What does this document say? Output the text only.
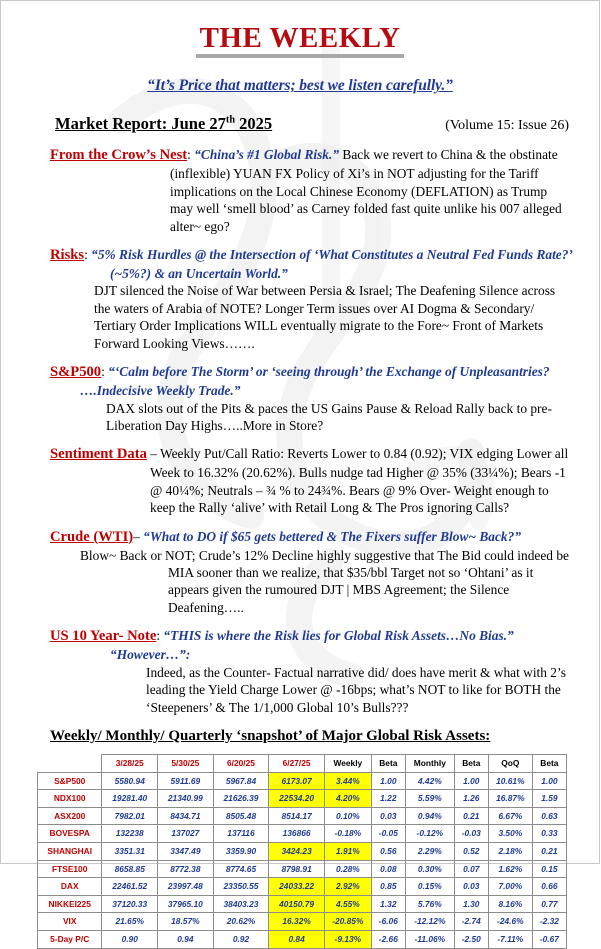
THE WEEKLY
“It’s Price that matters; best we listen carefully.”
Market Report: June 27th 2025	(Volume 15: Issue 26)
From the Crow’s Nest: “China’s #1 Global Risk.” Back we revert to China & the obstinate (inflexible) YUAN FX Policy of Xi’s in NOT adjusting for the Tariff implications on the Local Chinese Economy (DEFLATION) as Trump may well ‘smell blood’ as Carney folded fast quite unlike his 007 alleged alter~ ego?
Risks: “5% Risk Hurdles @ the Intersection of ‘What Constitutes a Neutral Fed Funds Rate?’
(~5%?) & an Uncertain World.”
DJT silenced the Noise of War between Persia & Israel; The Deafening Silence across the waters of Arabia of NOTE? Longer Term issues over AI Dogma & Secondary/ Tertiary Order Implications WILL eventually migrate to the Fore~ Front of Markets Forward Looking Views…….
S&P500: “‘Calm before The Storm’ or ‘seeing through’ the Exchange of Unpleasantries?
….Indecisive Weekly Trade.”
DAX slots out of the Pits & paces the US Gains Pause & Reload Rally back to pre- Liberation Day Highs…..More in Store?
Sentiment Data – Weekly Put/Call Ratio: Reverts Lower to 0.84 (0.92); VIX edging Lower all Week to 16.32% (20.62%). Bulls nudge tad Higher @ 35% (33¼%); Bears -1 @ 40¼%; Neutrals – ¾ % to 24¾%. Bears @ 9% Over- Weight enough to keep the Rally ‘alive’ with Retail Long & The Pros ignoring Calls?
Crude (WTI)– “What to DO if $65 gets bettered & The Fixers suffer Blow~ Back?”
Blow~ Back or NOT; Crude’s 12% Decline highly suggestive that The Bid could indeed be MIA sooner than we realize, that $35/bbl Target not so ‘Ohtani’ as it appears given the rumoured DJT | MBS Agreement; the Silence Deafening…..
US 10 Year- Note: “THIS is where the Risk lies for Global Risk Assets…No Bias.”
“However…”:
Indeed, as the Counter- Factual narrative did/ does have merit & what with 2’s leading the Yield Charge Lower @ -16bps; what’s NOT to like for BOTH the ‘Steepeners’ & The 1/1,000 Global 10’s Bulls???
Weekly/ Monthly/ Quarterly ‘snapshot’ of Major Global Risk Assets:
	3/28/25	5/30/25	6/20/25	6/27/25	Weekly	Beta	Monthly	Beta	QoQ	Beta
S&P500	5580.94	5911.69	5967.84	6173.07	3.44%	1.00	4.42%	1.00	10.61%	1.00
NDX100	19281.40	21340.99	21626.39	22534.20	4.20%	1.22	5.59%	1.26	16.87%	1.59
ASX200	7982.01	8434.71	8505.48	8514.17	0.10%	0.03	0.94%	0.21	6.67%	0.63
BOVESPA	132238	137027	137116	136866	-0.18%	-0.05	-0.12%	-0.03	3.50%	0.33
SHANGHAI	3351.31	3347.49	3359.90	3424.23	1.91%	0.56	2.29%	0.52	2.18%	0.21
FTSE100	8658.85	8772.38	8774.65	8798.91	0.28%	0.08	0.30%	0.07	1.62%	0.15
DAX	22461.52	23997.48	23350.55	24033.22	2.92%	0.85	0.15%	0.03	7.00%	0.66
NIKKEI225	37120.33	37965.10	38403.23	40150.79	4.55%	1.32	5.76%	1.30	8.16%	0.77
VIX	21.65%	18.57%	20.62%	16.32%	-20.85%	-6.06	-12.12%	-2.74	-24.6%	-2.32
5-Day P/C	0.90	0.94	0.92	0.84	-9.13%	-2.66	-11.06%	-2.50	-7.11%	-0.67
